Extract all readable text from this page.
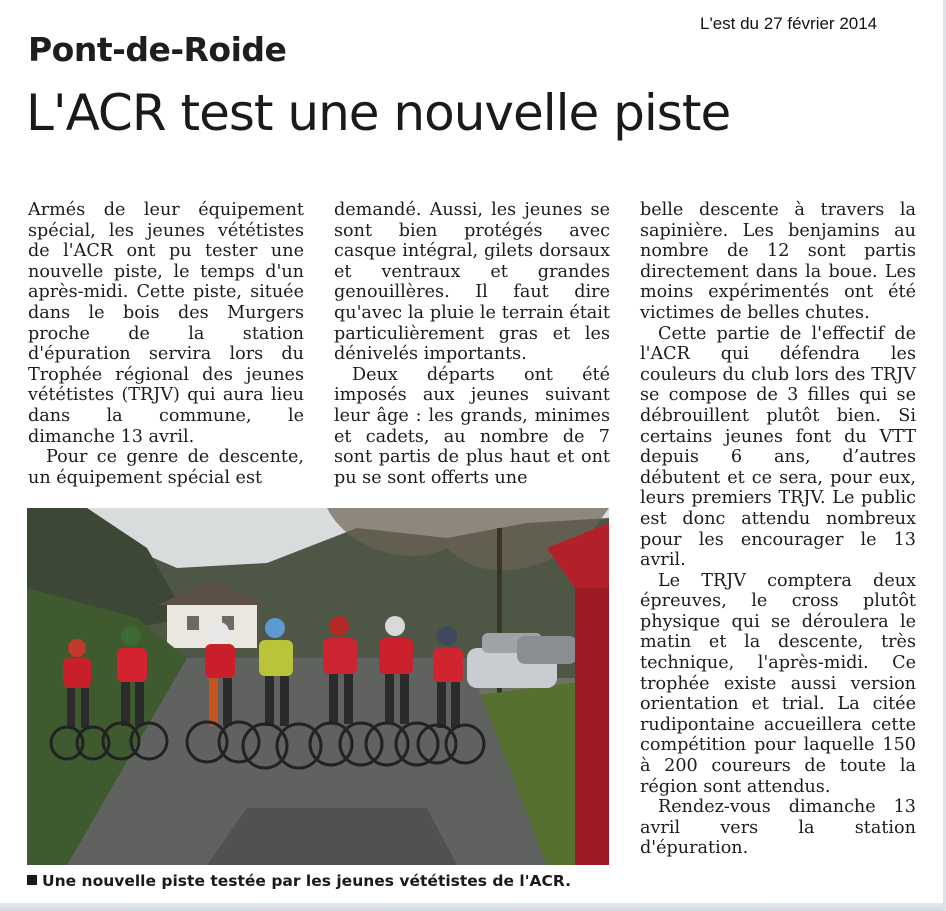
L'est du 27 février 2014
Pont-de-Roide
L'ACR test une nouvelle piste

Armés de leur équipement spécial, les jeunes vététistes de l'ACR ont pu tester une nouvelle piste, le temps d'un après-midi. Cette piste, située dans le bois des Murgers proche de la station d'épuration servira lors du Trophée régional des jeunes vététistes (TRJV) qui aura lieu dans la commune, le dimanche 13 avril.

Pour ce genre de descente, un équipement spécial est

demandé. Aussi, les jeunes se sont bien protégés avec casque intégral, gilets dorsaux et ventraux et grandes genouillères. Il faut dire qu'avec la pluie le terrain était particulièrement gras et les dénivelés importants.

Deux départs ont été imposés aux jeunes suivant leur âge : les grands, minimes et cadets, au nombre de 7 sont partis de plus haut et ont pu se sont offerts une

belle descente à travers la sapinière. Les benjamins au nombre de 12 sont partis directement dans la boue. Les moins expérimentés ont été victimes de belles chutes.

Cette partie de l'effectif de l'ACR qui défendra les couleurs du club lors des TRJV se compose de 3 filles qui se débrouillent plutôt bien. Si certains jeunes font du VTT depuis 6 ans, d’autres débutent et ce sera, pour eux, leurs premiers TRJV. Le public est donc attendu nombreux pour les encourager le 13 avril.

Le TRJV comptera deux épreuves, le cross plutôt physique qui se déroulera le matin et la descente, très technique, l'après-midi. Ce trophée existe aussi version orientation et trial. La citée rudipontaine accueillera cette compétition pour laquelle 150 à 200 coureurs de toute la région sont attendus.

Rendez-vous dimanche 13 avril vers la station d'épuration.

Une nouvelle piste testée par les jeunes vététistes de l'ACR.
